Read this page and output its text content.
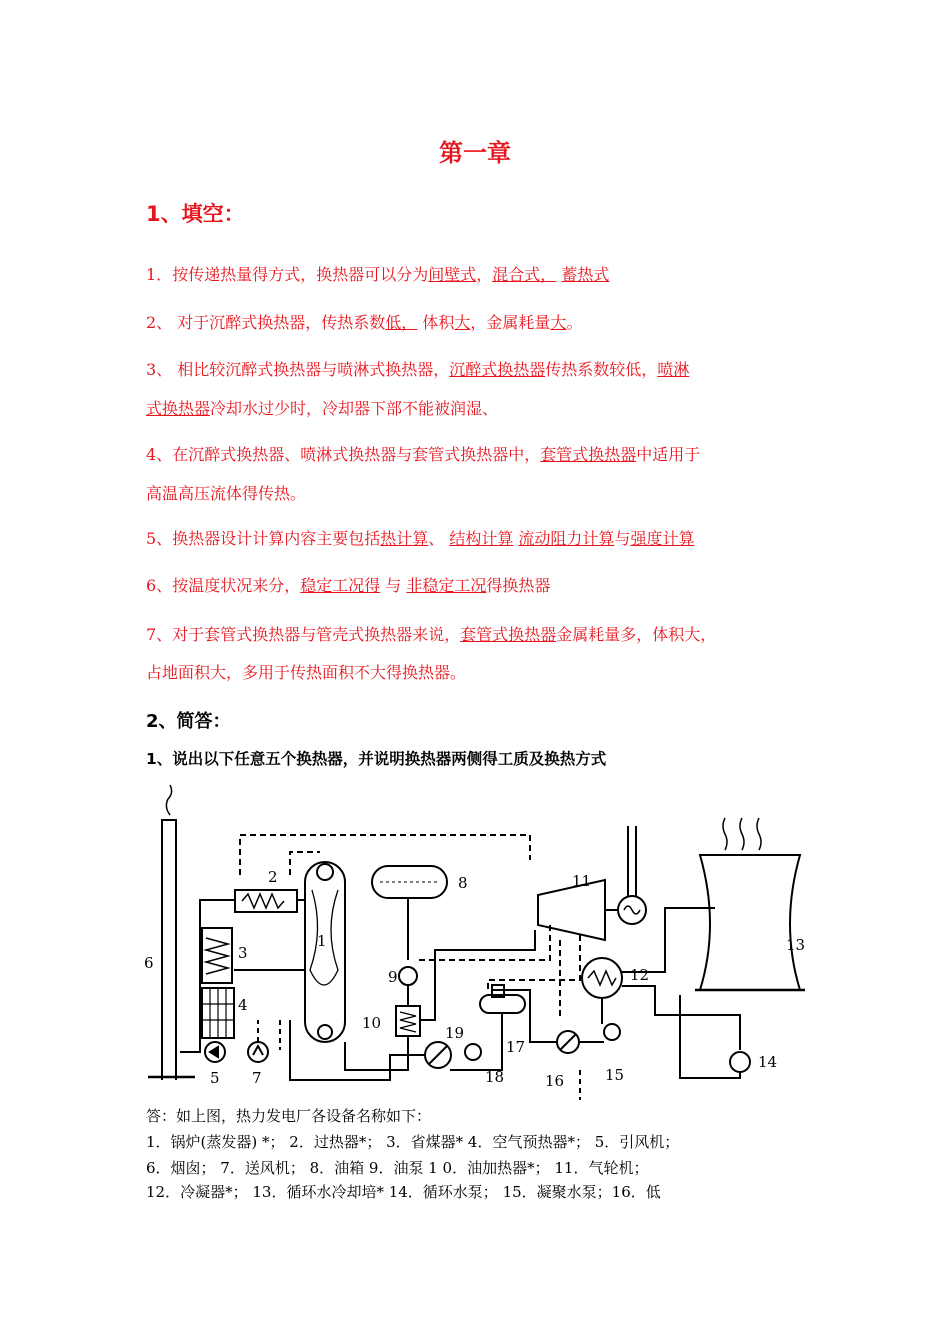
第一章
1、填空：
1．按传递热量得方式，换热器可以分为间壁式，混合式， 蓄热式
2、 对于沉醉式换热器，传热系数低， 体积大，金属耗量大。
3、 相比较沉醉式换热器与喷淋式换热器，沉醉式换热器传热系数较低，喷淋
式换热器冷却水过少时，冷却器下部不能被润湿、
4、在沉醉式换热器、喷淋式换热器与套管式换热器中，套管式换热器中适用于
高温高压流体得传热。
5、换热器设计计算内容主要包括热计算、 结构计算 流动阻力计算与强度计算
6、按温度状况来分，稳定工况得 与 非稳定工况得换热器
7、对于套管式换热器与管壳式换热器来说，套管式换热器金属耗量多，体积大，
占地面积大，多用于传热面积不大得换热器。
2、简答：
1、说出以下任意五个换热器，并说明换热器两侧得工质及换热方式
1
2
3
4
5
6
7
8
9
10
11
12
13
14
15
16
17
18
19
答：如上图，热力发电厂各设备名称如下：
1．锅炉(蒸发器) *； 2．过热器*； 3．省煤器* 4．空气预热器*； 5．引风机；
6．烟囱； 7．送风机； 8．油箱 9．油泵 1 0．油加热器*； 11．气轮机；
12．冷凝器*； 13．循环水冷却培* 14．循环水泵； 15．凝聚水泵；16．低
